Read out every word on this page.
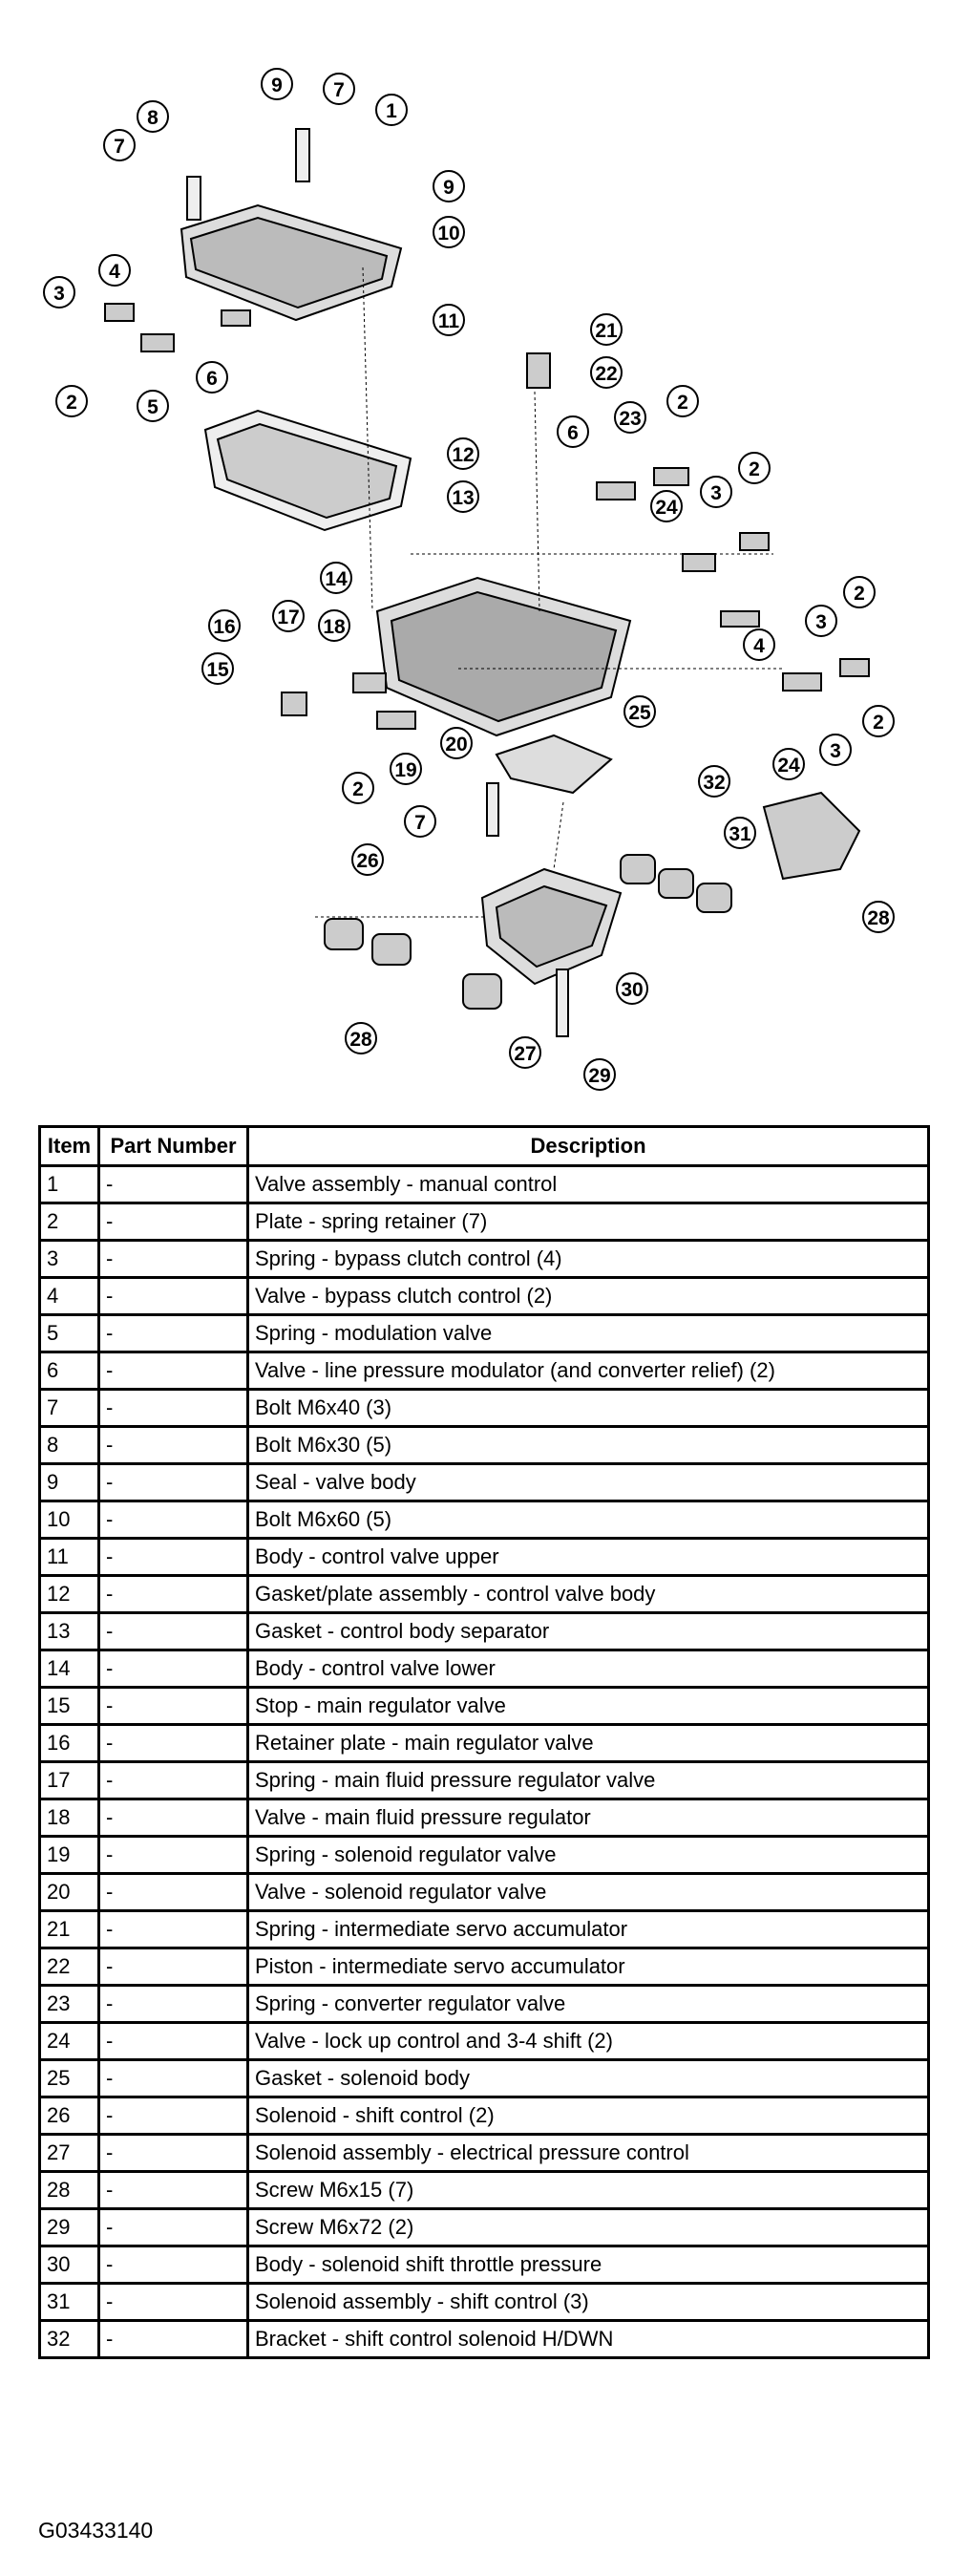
1
2	2
2
2
2
2
3
3
3
3
4
4
5
6
6
7
7
7
8
9
9
10
11
12
13
14
15
16 17 18
19
20
21
22
23
24
24
25
26
27
28
28
29
30
31
32
Item	Part Number	Description
1	-	Valve assembly - manual control
2	-	Plate - spring retainer (7)
3	-	Spring - bypass clutch control (4)
4	-	Valve - bypass clutch control (2)
5	-	Spring - modulation valve
6	-	Valve - line pressure modulator (and converter relief) (2)
7	-	Bolt M6x40 (3)
8	-	Bolt M6x30 (5)
9	-	Seal - valve body
10	-	Bolt M6x60 (5)
11	-	Body - control valve upper
12	-	Gasket/plate assembly - control valve body
13	-	Gasket - control body separator
14	-	Body - control valve lower
15	-	Stop - main regulator valve
16	-	Retainer plate - main regulator valve
17	-	Spring - main fluid pressure regulator valve
18	-	Valve - main fluid pressure regulator
19	-	Spring - solenoid regulator valve
20	-	Valve - solenoid regulator valve
21	-	Spring - intermediate servo accumulator
22	-	Piston - intermediate servo accumulator
23	-	Spring - converter regulator valve
24	-	Valve - lock up control and 3-4 shift (2)
25	-	Gasket - solenoid body
26	-	Solenoid - shift control (2)
27	-	Solenoid assembly - electrical pressure control
28	-	Screw M6x15 (7)
29	-	Screw M6x72 (2)
30	-	Body - solenoid shift throttle pressure
31	-	Solenoid assembly - shift control (3)
32	-	Bracket - shift control solenoid H/DWN
G03433140
